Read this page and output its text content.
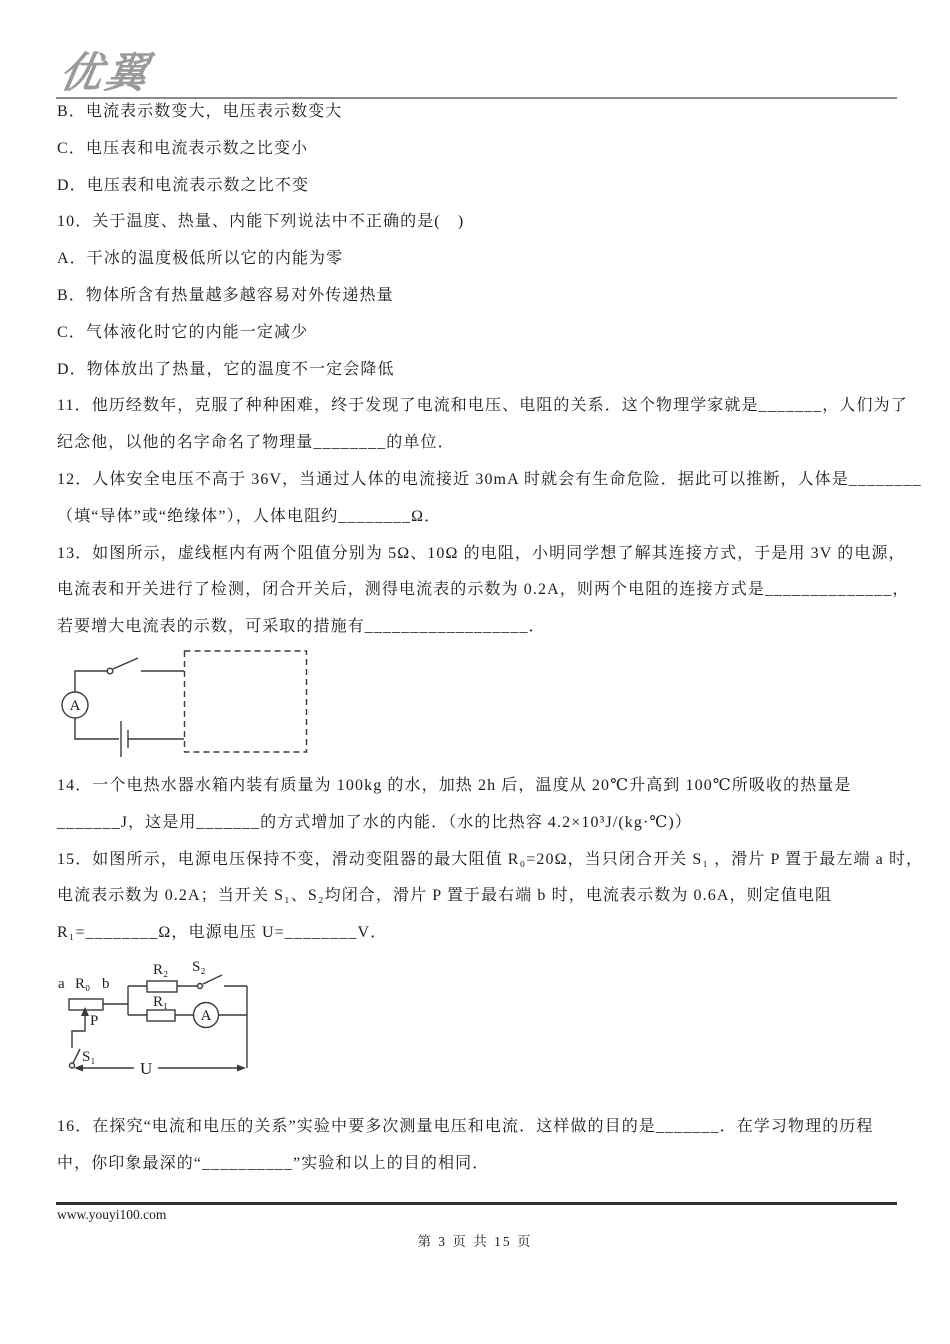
优翼
B．电流表示数变大，电压表示数变大
C．电压表和电流表示数之比变小
D．电压表和电流表示数之比不变
10．关于温度、热量、内能下列说法中不正确的是(　)
A．干冰的温度极低所以它的内能为零
B．物体所含有热量越多越容易对外传递热量
C．气体液化时它的内能一定减少
D．物体放出了热量，它的温度不一定会降低
11．他历经数年，克服了种种困难，终于发现了电流和电压、电阻的关系．这个物理学家就是_______，人们为了
纪念他，以他的名字命名了物理量________的单位．
12．人体安全电压不高于 36V，当通过人体的电流接近 30mA 时就会有生命危险．据此可以推断，人体是________
（填“导体”或“绝缘体”），人体电阻约________Ω．
13．如图所示，虚线框内有两个阻值分别为 5Ω、10Ω 的电阻，小明同学想了解其连接方式，于是用 3V 的电源，
电流表和开关进行了检测，闭合开关后，测得电流表的示数为 0.2A，则两个电阻的连接方式是______________，
若要增大电流表的示数，可采取的措施有__________________．
A
14．一个电热水器水箱内装有质量为 100kg 的水，加热 2h 后，温度从 20℃升高到 100℃所吸收的热量是
_______J，这是用_______的方式增加了水的内能．（水的比热容 4.2×10³J/(kg·℃)）
15．如图所示，电源电压保持不变，滑动变阻器的最大阻值 R₀=20Ω，当只闭合开关 S₁ ，滑片 P 置于最左端 a 时，
电流表示数为 0.2A；当开关 S₁、S₂均闭合，滑片 P 置于最右端 b 时，电流表示数为 0.6A，则定值电阻
R₁=________Ω，电源电压 U=________V．
a R₀ b
R₂ S₂
R₁
A
P
S₁
U
16．在探究“电流和电压的关系”实验中要多次测量电压和电流．这样做的目的是_______．在学习物理的历程
中，你印象最深的“__________”实验和以上的目的相同．
www.youyi100.com
第 3 页 共 15 页
